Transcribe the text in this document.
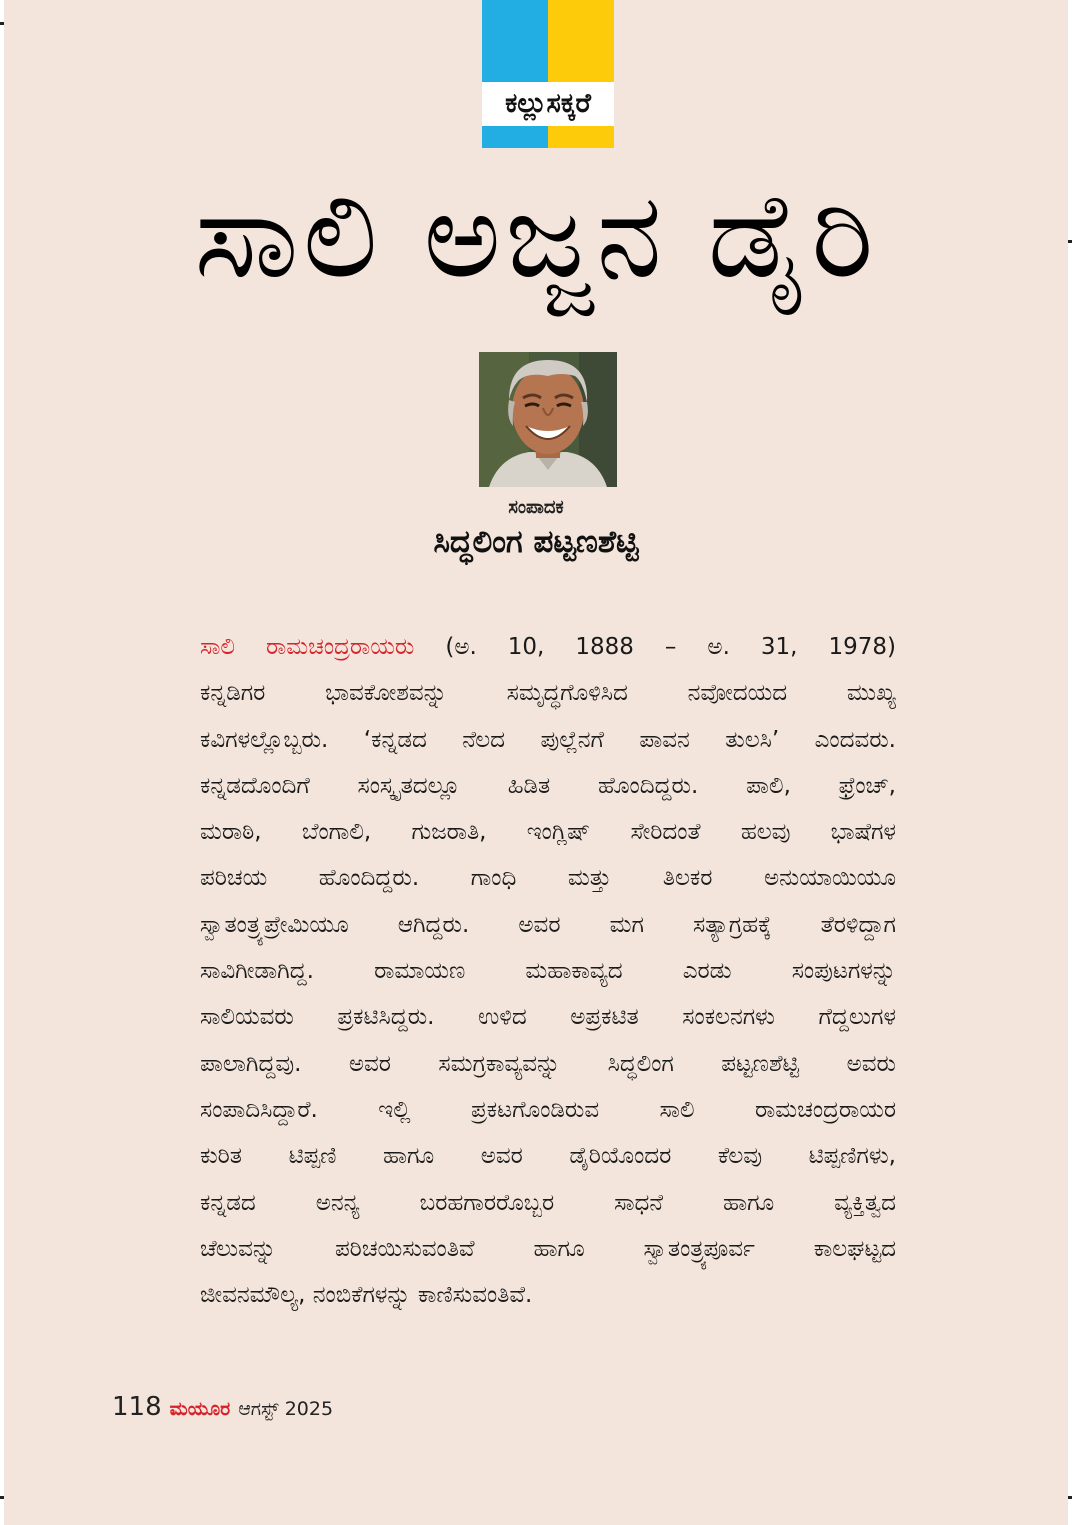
ಕಲ್ಲುಸಕ್ಕರೆ
ಸಾಲಿ ಅಜ್ಜನ ಡೈರಿ
ಸಂಪಾದಕ
ಸಿದ್ಧಲಿಂಗ ಪಟ್ಟಣಶೆಟ್ಟಿ
ಸಾಲಿ ರಾಮಚಂದ್ರರಾಯರು (ಅ. 10, 1888 – ಅ. 31, 1978)
ಕನ್ನಡಿಗರ ಭಾವಕೋಶವನ್ನು ಸಮೃದ್ಧಗೊಳಿಸಿದ ನವೋದಯದ ಮುಖ್ಯ
ಕವಿಗಳಲ್ಲೊಬ್ಬರು. ‘ಕನ್ನಡದ ನೆಲದ ಪುಲ್ಲೆನಗೆ ಪಾವನ ತುಲಸಿ’ ಎಂದವರು.
ಕನ್ನಡದೊಂದಿಗೆ ಸಂಸ್ಕೃತದಲ್ಲೂ ಹಿಡಿತ ಹೊಂದಿದ್ದರು. ಪಾಲಿ, ಫ್ರೆಂಚ್,
ಮರಾಠಿ, ಬೆಂಗಾಲಿ, ಗುಜರಾತಿ, ಇಂಗ್ಲಿಷ್ ಸೇರಿದಂತೆ ಹಲವು ಭಾಷೆಗಳ
ಪರಿಚಯ ಹೊಂದಿದ್ದರು. ಗಾಂಧಿ ಮತ್ತು ತಿಲಕರ ಅನುಯಾಯಿಯೂ
ಸ್ವಾತಂತ್ರ್ಯಪ್ರೇಮಿಯೂ ಆಗಿದ್ದರು. ಅವರ ಮಗ ಸತ್ಯಾಗ್ರಹಕ್ಕೆ ತೆರಳಿದ್ದಾಗ
ಸಾವಿಗೀಡಾಗಿದ್ದ. ರಾಮಾಯಣ ಮಹಾಕಾವ್ಯದ ಎರಡು ಸಂಪುಟಗಳನ್ನು
ಸಾಲಿಯವರು ಪ್ರಕಟಿಸಿದ್ದರು. ಉಳಿದ ಅಪ್ರಕಟಿತ ಸಂಕಲನಗಳು ಗೆದ್ದಲುಗಳ
ಪಾಲಾಗಿದ್ದವು. ಅವರ ಸಮಗ್ರಕಾವ್ಯವನ್ನು ಸಿದ್ಧಲಿಂಗ ಪಟ್ಟಣಶೆಟ್ಟಿ ಅವರು
ಸಂಪಾದಿಸಿದ್ದಾರೆ. ಇಲ್ಲಿ ಪ್ರಕಟಗೊಂಡಿರುವ ಸಾಲಿ ರಾಮಚಂದ್ರರಾಯರ
ಕುರಿತ ಟಿಪ್ಪಣಿ ಹಾಗೂ ಅವರ ಡೈರಿಯೊಂದರ ಕೆಲವು ಟಿಪ್ಪಣಿಗಳು,
ಕನ್ನಡದ ಅನನ್ಯ ಬರಹಗಾರರೊಬ್ಬರ ಸಾಧನೆ ಹಾಗೂ ವ್ಯಕ್ತಿತ್ವದ
ಚೆಲುವನ್ನು ಪರಿಚಯಿಸುವಂತಿವೆ ಹಾಗೂ ಸ್ವಾತಂತ್ರ್ಯಪೂರ್ವ ಕಾಲಘಟ್ಟದ
ಜೀವನಮೌಲ್ಯ, ನಂಬಿಕೆಗಳನ್ನು ಕಾಣಿಸುವಂತಿವೆ.
118 ಮಯೂರ ಆಗಸ್ಟ್ 2025
